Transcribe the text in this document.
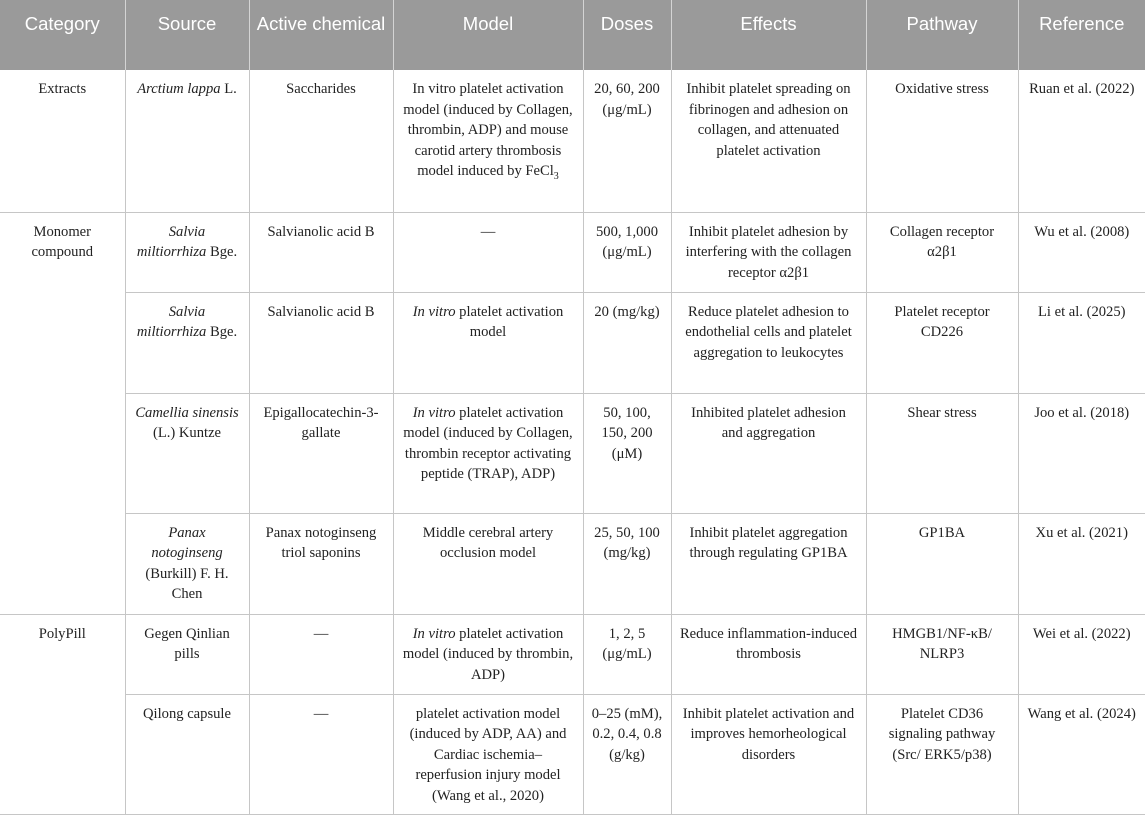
Category	Source	Active chemical	Model	Doses	Effects	Pathway	Reference
Extracts	Arctium lappa L.	Saccharides	In vitro platelet activation model (induced by Collagen, thrombin, ADP) and mouse carotid artery thrombosis model induced by FeCl$_3$	20, 60, 200 (μg/mL)	Inhibit platelet spreading on fibrinogen and adhesion on collagen, and attenuated platelet activation	Oxidative stress	Ruan et al. (2022)
Monomer compound	Salvia miltiorrhiza Bge.	Salvianolic acid B	—	500, 1,000 (μg/mL)	Inhibit platelet adhesion by interfering with the collagen receptor α2β1	Collagen receptor α2β1	Wu et al. (2008)
	Salvia miltiorrhiza Bge.	Salvianolic acid B	In vitro platelet activation model	20 (mg/kg)	Reduce platelet adhesion to endothelial cells and platelet aggregation to leukocytes	Platelet receptor CD226	Li et al. (2025)
	Camellia sinensis (L.) Kuntze	Epigallocatechin-3-gallate	In vitro platelet activation model (induced by Collagen, thrombin receptor activating peptide (TRAP), ADP)	50, 100, 150, 200 (μM)	Inhibited platelet adhesion and aggregation	Shear stress	Joo et al. (2018)
	Panax notoginseng (Burkill) F. H. Chen	Panax notoginseng triol saponins	Middle cerebral artery occlusion model	25, 50, 100 (mg/kg)	Inhibit platelet aggregation through regulating GP1BA	GP1BA	Xu et al. (2021)
PolyPill	Gegen Qinlian pills	—	In vitro platelet activation model (induced by thrombin, ADP)	1, 2, 5 (μg/mL)	Reduce inflammation-induced thrombosis	HMGB1/NF-κB/ NLRP3	Wei et al. (2022)
	Qilong capsule	—	platelet activation model (induced by ADP, AA) and Cardiac ischemia–reperfusion injury model (Wang et al., 2020)	0–25 (mM), 0.2, 0.4, 0.8 (g/kg)	Inhibit platelet activation and improves hemorheological disorders	Platelet CD36 signaling pathway (Src/ ERK5/p38)	Wang et al. (2024)
